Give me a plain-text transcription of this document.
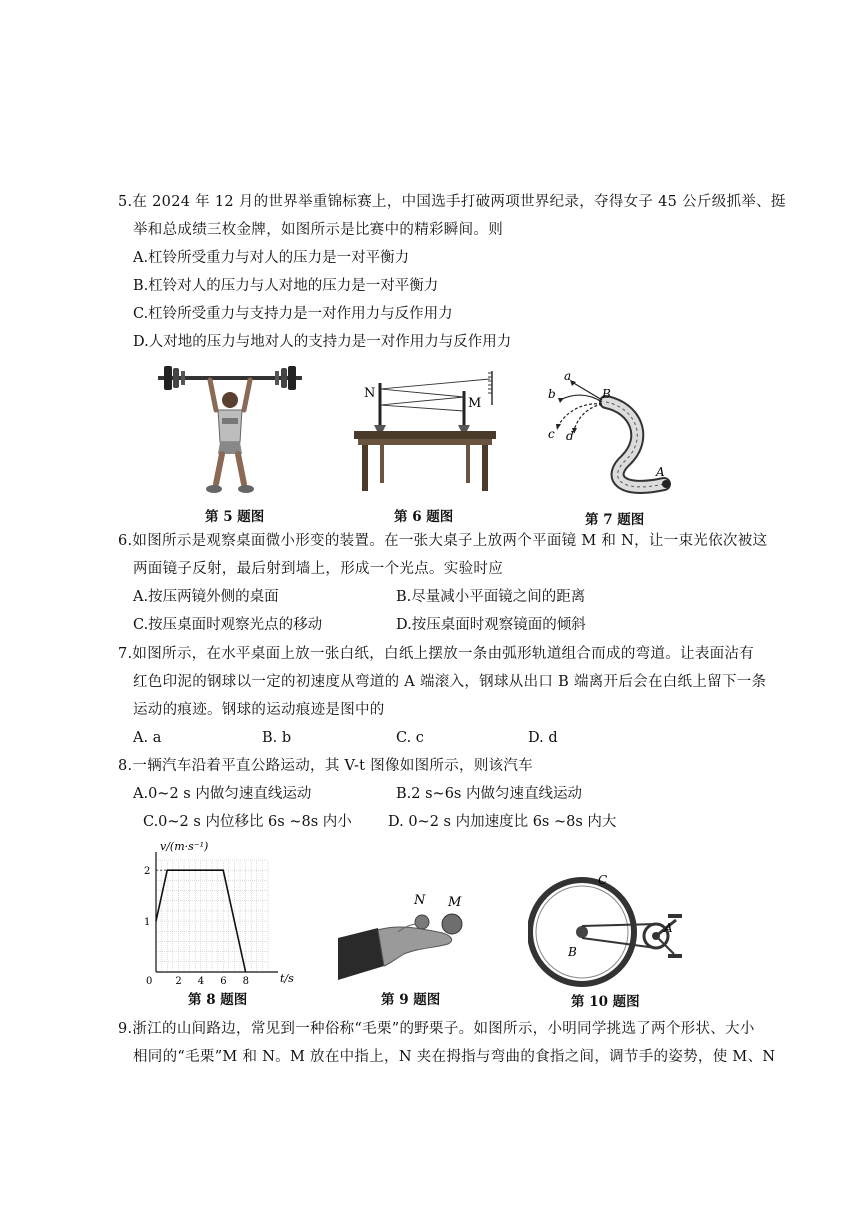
5.在 2024 年 12 月的世界举重锦标赛上，中国选手打破两项世界纪录，夺得女子 45 公斤级抓举、挺
举和总成绩三枚金牌，如图所示是比赛中的精彩瞬间。则
A.杠铃所受重力与对人的压力是一对平衡力
B.杠铃对人的压力与人对地的压力是一对平衡力
C.杠铃所受重力与支持力是一对作用力与反作用力
D.人对地的压力与地对人的支持力是一对作用力与反作用力
第 5 题图
N
M
第 6 题图
a
b
c d
B
A
第 7 题图
6.如图所示是观察桌面微小形变的装置。在一张大桌子上放两个平面镜 M 和 N，让一束光依次被这
两面镜子反射，最后射到墙上，形成一个光点。实验时应
A.按压两镜外侧的桌面	B.尽量减小平面镜之间的距离
C.按压桌面时观察光点的移动	D.按压桌面时观察镜面的倾斜
7.如图所示，在水平桌面上放一张白纸，白纸上摆放一条由弧形轨道组合而成的弯道。让表面沾有
红色印泥的钢球以一定的初速度从弯道的 A 端滚入，钢球从出口 B 端离开后会在白纸上留下一条
运动的痕迹。钢球的运动痕迹是图中的
A. a	B. b	C. c	D. d
8.一辆汽车沿着平直公路运动，其 V-t 图像如图所示，则该汽车
A.0~2 s 内做匀速直线运动	B.2 s~6s 内做匀速直线运动
C.0~2 s 内位移比 6s ~8s 内小 D. 0~2 s 内加速度比 6s ~8s 内大
0 2 4 6 8
1
2
v/(m·s⁻¹)
t/s
第 8 题图
N M
第 9 题图
C
A
B
第 10 题图
9.浙江的山间路边，常见到一种俗称“毛栗”的野栗子。如图所示，小明同学挑选了两个形状、大小
相同的“毛栗”M 和 N。M 放在中指上，N 夹在拇指与弯曲的食指之间，调节手的姿势，使 M、N
